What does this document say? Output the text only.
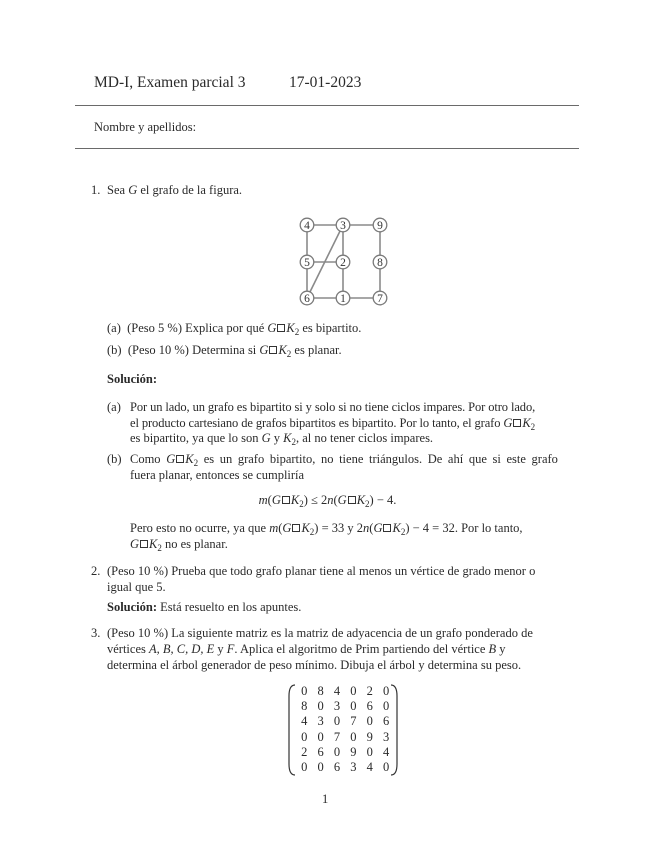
MD-I, Examen parcial 3	17-01-2023
Nombre y apellidos:
1. Sea G el grafo de la figura.
4	3	9
5	2	8
6	1	7
(a) (Peso 5 %) Explica por qué G $K_2$ es bipartito.
(b) (Peso 10 %) Determina si G $K_2$ es planar.
Solución:
(a) Por un lado, un grafo es bipartito si y solo si no tiene ciclos impares. Por otro lado,
el producto cartesiano de grafos bipartitos es bipartito. Por lo tanto, el grafo G $K_2$
es bipartito, ya que lo son G y $K_2$, al no tener ciclos impares.
(b) Como G $K_2$ es un grafo bipartito, no tiene triángulos. De ahí que si este grafo
fuera planar, entonces se cumpliría
m(G $K_2) \le 2n(G$ $K_2) - 4$.
Pero esto no ocurre, ya que m(G $K_2) = 33$ y 2n(G $K_2) - 4 = 32$. Por lo tanto,
G $K_2$ no es planar.
2. (Peso 10 %) Prueba que todo grafo planar tiene al menos un vértice de grado menor o
igual que 5.
Solución: Está resuelto en los apuntes.
3. (Peso 10 %) La siguiente matriz es la matriz de adyacencia de un grafo ponderado de
vértices A, B, C, D, E y F. Aplica el algoritmo de Prim partiendo del vértice B y
determina el árbol generador de peso mínimo. Dibuja el árbol y determina su peso.
0	8	4	0	2	0
8	0	3	0	6	0
4	3	0	7	0	6
0	0	7	0	9	3
2	6	0	9	0	4
0	0	6	3	4	0
1
